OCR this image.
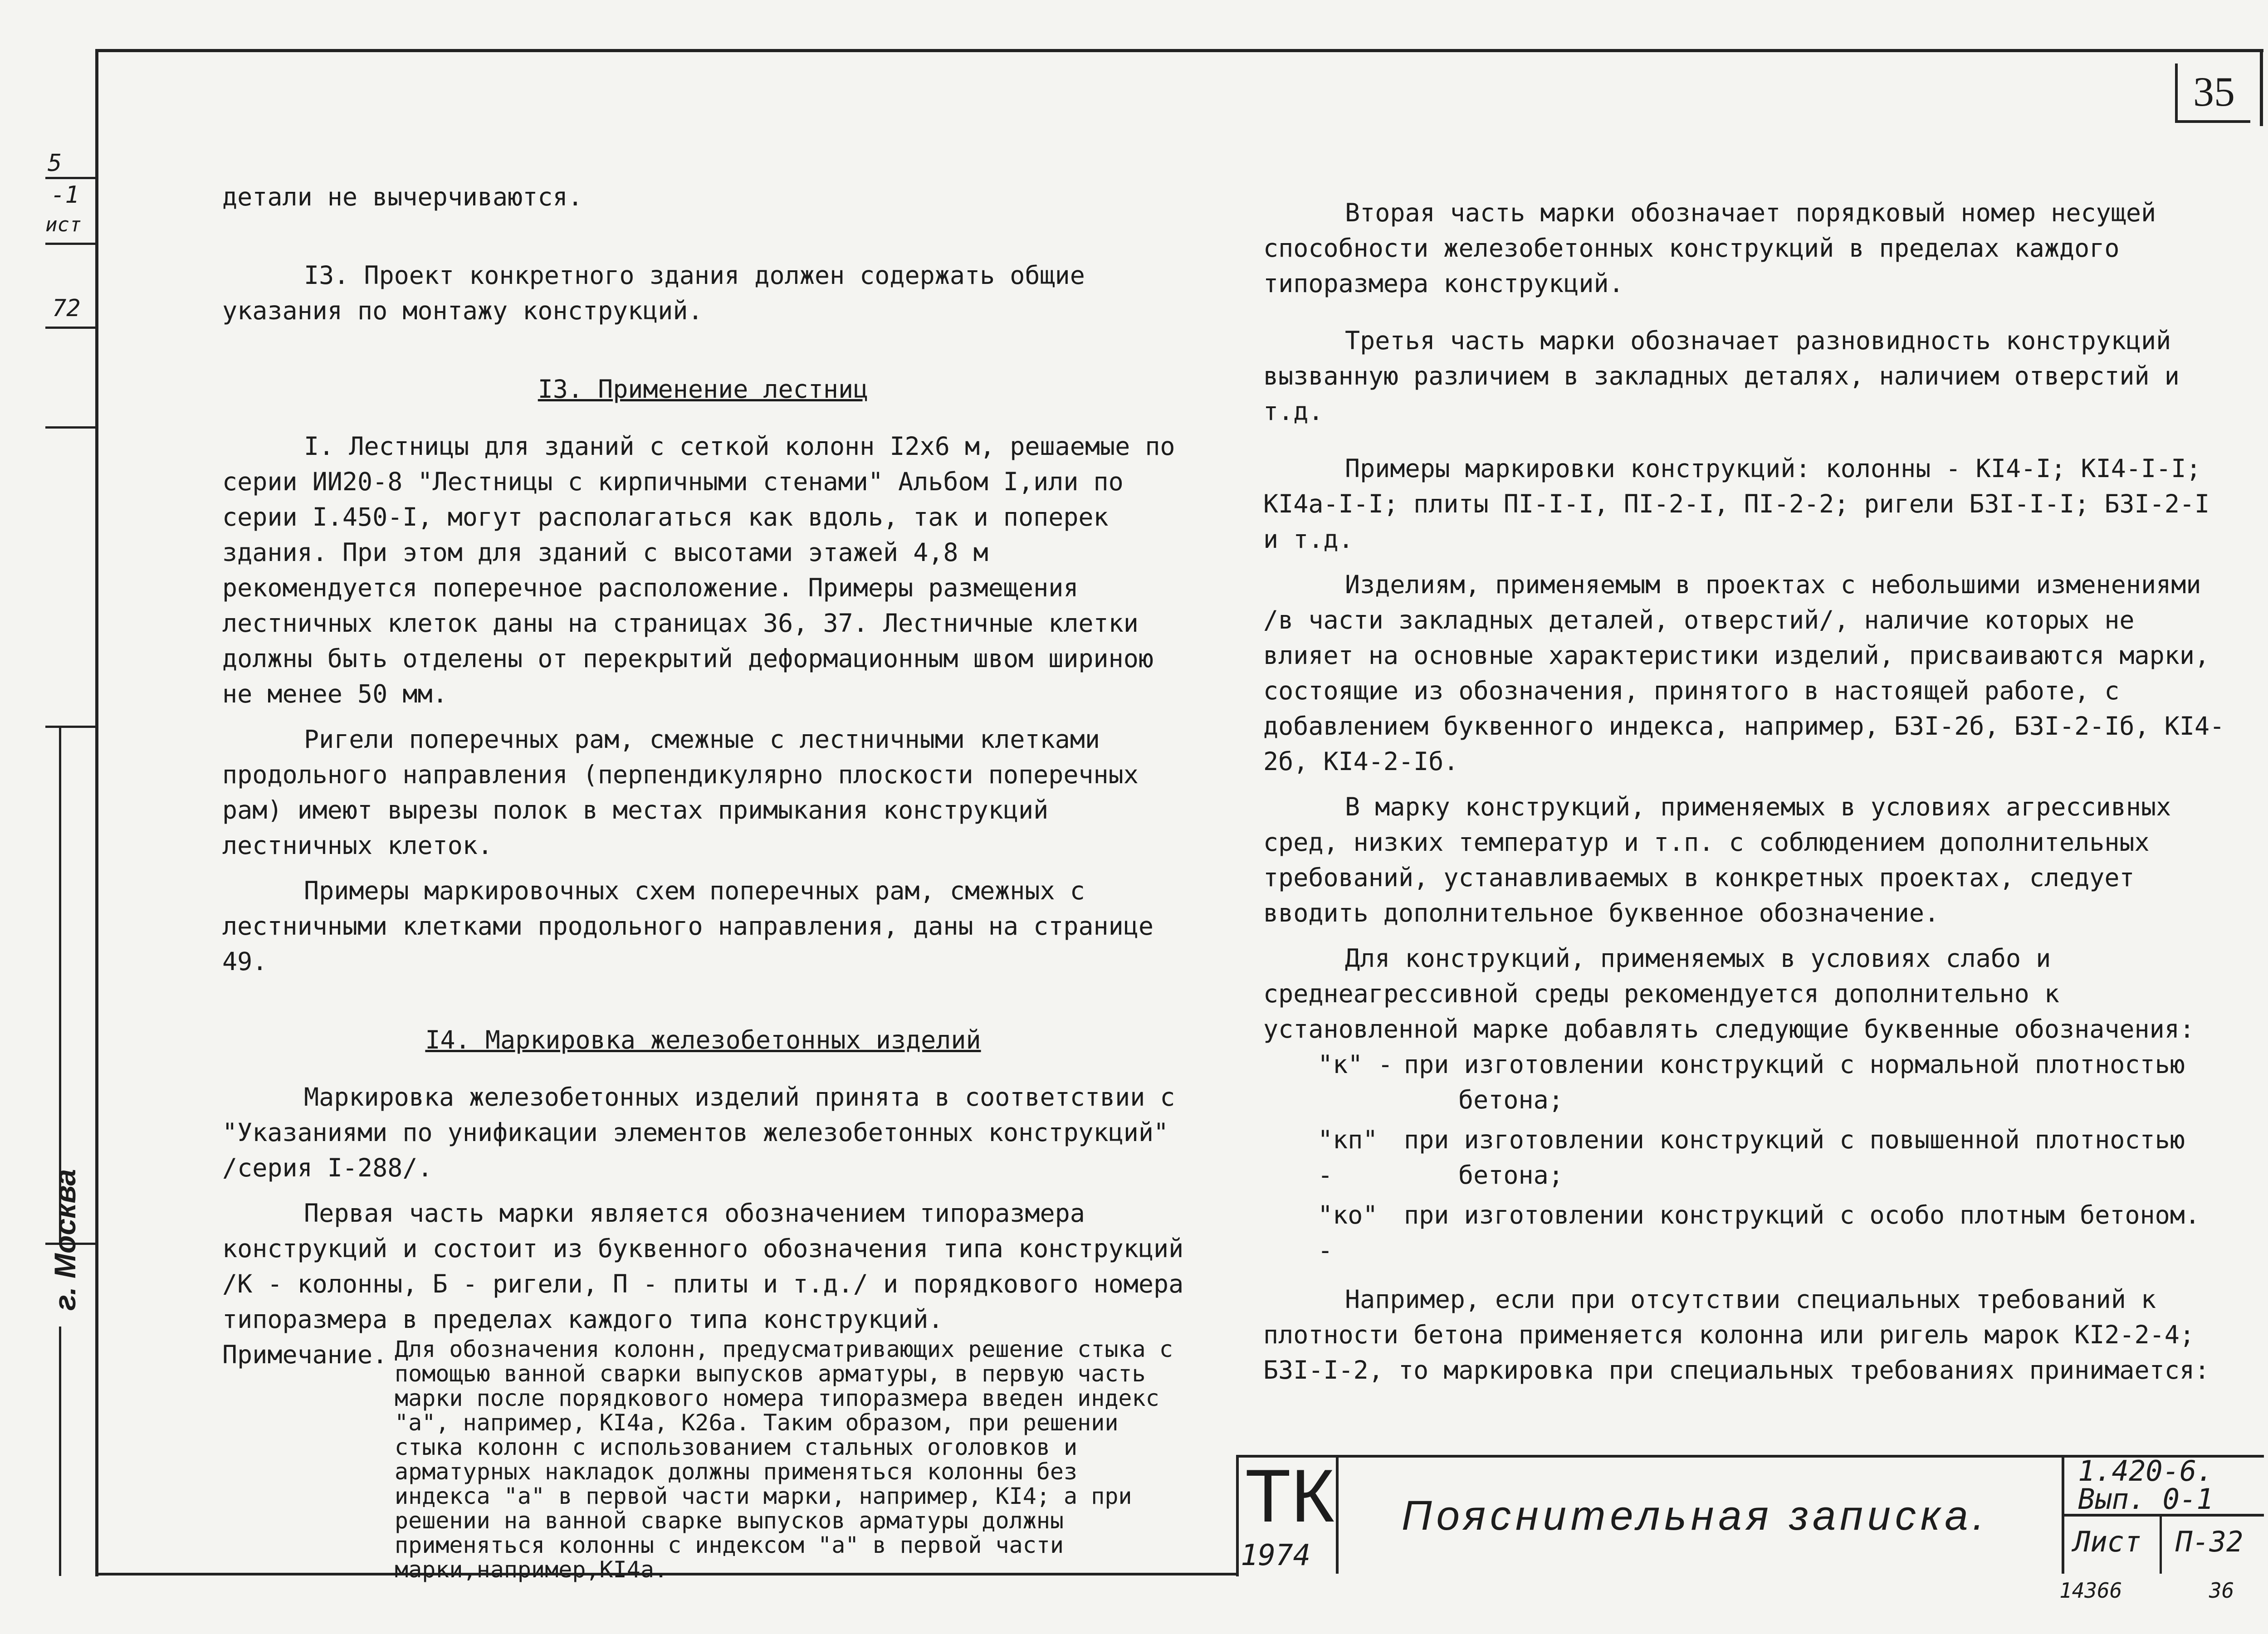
5
-1
ист
72
г. Москва
35

детали не вычерчиваются.

I3. Проект конкретного здания должен содержать общие указания по монтажу конструкций.

I3. Применение лестниц

I. Лестницы для зданий с сеткой колонн I2х6 м, решаемые по серии ИИ20-8 "Лестницы с кирпичными стенами" Альбом I,или по серии I.450-I, могут располагаться как вдоль, так и поперек здания. При этом для зданий с высотами этажей 4,8 м рекомендуется поперечное расположение. Примеры размещения лестничных клеток даны на страницах 36, 37. Лестничные клетки должны быть отделены от перекрытий деформационным швом шириною не менее 50 мм.

Ригели поперечных рам, смежные с лестничными клетками продольного направления (перпендикулярно плоскости поперечных рам) имеют вырезы полок в местах примыкания конструкций лестничных клеток.

Примеры маркировочных схем поперечных рам, смежных с лестничными клетками продольного направления, даны на странице 49.

I4. Маркировка железобетонных изделий

Маркировка железобетонных изделий принята в соответствии с "Указаниями по унификации элементов железобетонных конструкций" /серия I-288/.

Первая часть марки является обозначением типоразмера конструкций и состоит из буквенного обозначения типа конструкций /К - колонны, Б - ригели, П - плиты и т.д./ и порядкового номера типоразмера в пределах каждого типа конструкций.

Примечание. Для обозначения колонн, предусматривающих решение стыка с помощью ванной сварки выпусков арматуры, в первую часть марки после порядкового номера типоразмера введен индекс "а", например, КI4а, К26а. Таким образом, при решении стыка колонн с использованием стальных оголовков и арматурных накладок должны применяться колонны без индекса "а" в первой части марки, например, КI4; а при решении на ванной сварке выпусков арматуры должны применяться колонны с индексом "а" в первой части марки,например,КI4а.

Вторая часть марки обозначает порядковый номер несущей способности железобетонных конструкций в пределах каждого типоразмера конструкций.

Третья часть марки обозначает разновидность конструкций вызванную различием в закладных деталях, наличием отверстий и т.д.

Примеры маркировки конструкций: колонны - КI4-I; КI4-I-I; КI4а-I-I; плиты ПI-I-I, ПI-2-I, ПI-2-2; ригели БЗI-I-I; БЗI-2-I и т.д.

Изделиям, применяемым в проектах с небольшими изменениями /в части закладных деталей, отверстий/, наличие которых не влияет на основные характеристики изделий, присваиваются марки, состоящие из обозначения, принятого в настоящей работе, с добавлением буквенного индекса, например, БЗI-2б, БЗI-2-Iб, КI4-2б, КI4-2-Iб.

В марку конструкций, применяемых в условиях агрессивных сред, низких температур и т.п. с соблюдением дополнительных требований, устанавливаемых в конкретных проектах, следует вводить дополнительное буквенное обозначение.

Для конструкций, применяемых в условиях слабо и среднеагрессивной среды рекомендуется дополнительно к установленной марке добавлять следующие буквенные обозначения:

"к" - при изготовлении конструкций с нормальной плотностью
бетона;
"кп" -
при изготовлении конструкций с повышенной плотностью
бетона;
"ко" -
при изготовлении конструкций с особо плотным бетоном.

Например, если при отсутствии специальных требований к плотности бетона применяется колонна или ригель марок КI2-2-4; БЗI-I-2, то маркировка при специальных требованиях принимается:

ТК
1974
Пояснительная записка.
1.420-6.
Вып. 0-1
Лист П-32
14366	36
